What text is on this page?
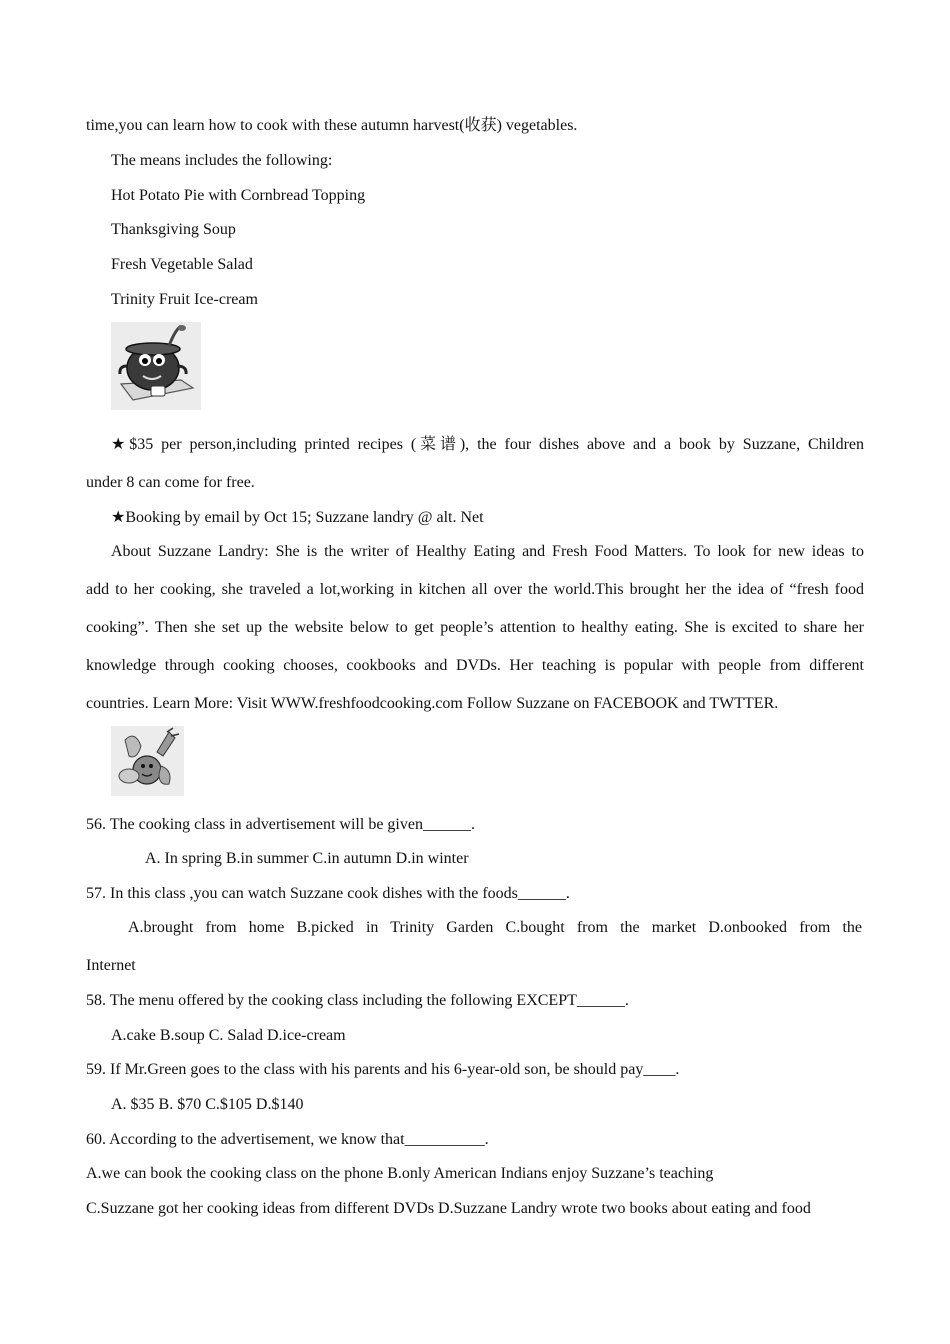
time,you can learn how to cook with these autumn harvest(收获) vegetables.
The means includes the following:
Hot Potato Pie with Cornbread Topping
Thanksgiving Soup
Fresh Vegetable Salad
Trinity Fruit Ice-cream
★$35 per person,including printed recipes (菜谱), the four dishes above and a book by Suzzane, Children
under 8 can come for free.
★Booking by email by Oct 15; Suzzane landry @ alt. Net
About Suzzane Landry: She is the writer of Healthy Eating and Fresh Food Matters. To look for new ideas to
add to her cooking, she traveled a lot,working in kitchen all over the world.This brought her the idea of “fresh food
cooking”. Then she set up the website below to get people’s attention to healthy eating. She is excited to share her
knowledge through cooking chooses, cookbooks and DVDs. Her teaching is popular with people from different
countries. Learn More: Visit WWW.freshfoodcooking.com Follow Suzzane on FACEBOOK and TWTTER.
56. The cooking class in advertisement will be given______.
A. In spring B.in summer C.in autumn D.in winter
57. In this class ,you can watch Suzzane cook dishes with the foods______.
A.brought from home B.picked in Trinity Garden C.bought from the market D.onbooked from the
Internet
58. The menu offered by the cooking class including the following EXCEPT______.
A.cake B.soup C. Salad D.ice-cream
59. If Mr.Green goes to the class with his parents and his 6-year-old son, be should pay____.
A. $35 B. $70 C.$105 D.$140
60. According to the advertisement, we know that__________.
A.we can book the cooking class on the phone B.only American Indians enjoy Suzzane’s teaching
C.Suzzane got her cooking ideas from different DVDs D.Suzzane Landry wrote two books about eating and food
